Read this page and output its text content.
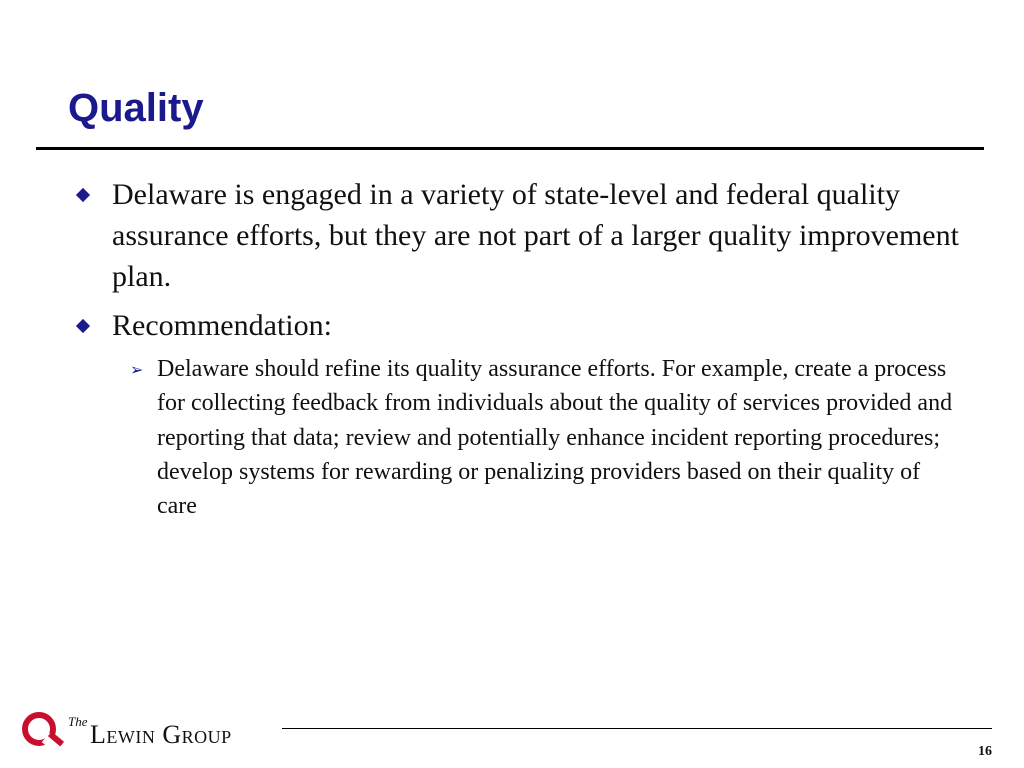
Quality
Delaware is engaged in a variety of state-level and federal quality assurance efforts, but they are not part of a larger quality improvement plan.
Recommendation:
➢ Delaware should refine its quality assurance efforts. For example, create a process for collecting feedback from individuals about the quality of services provided and reporting that data; review and potentially enhance incident reporting procedures; develop systems for rewarding or penalizing providers based on their quality of care
The Lewin Group
16
